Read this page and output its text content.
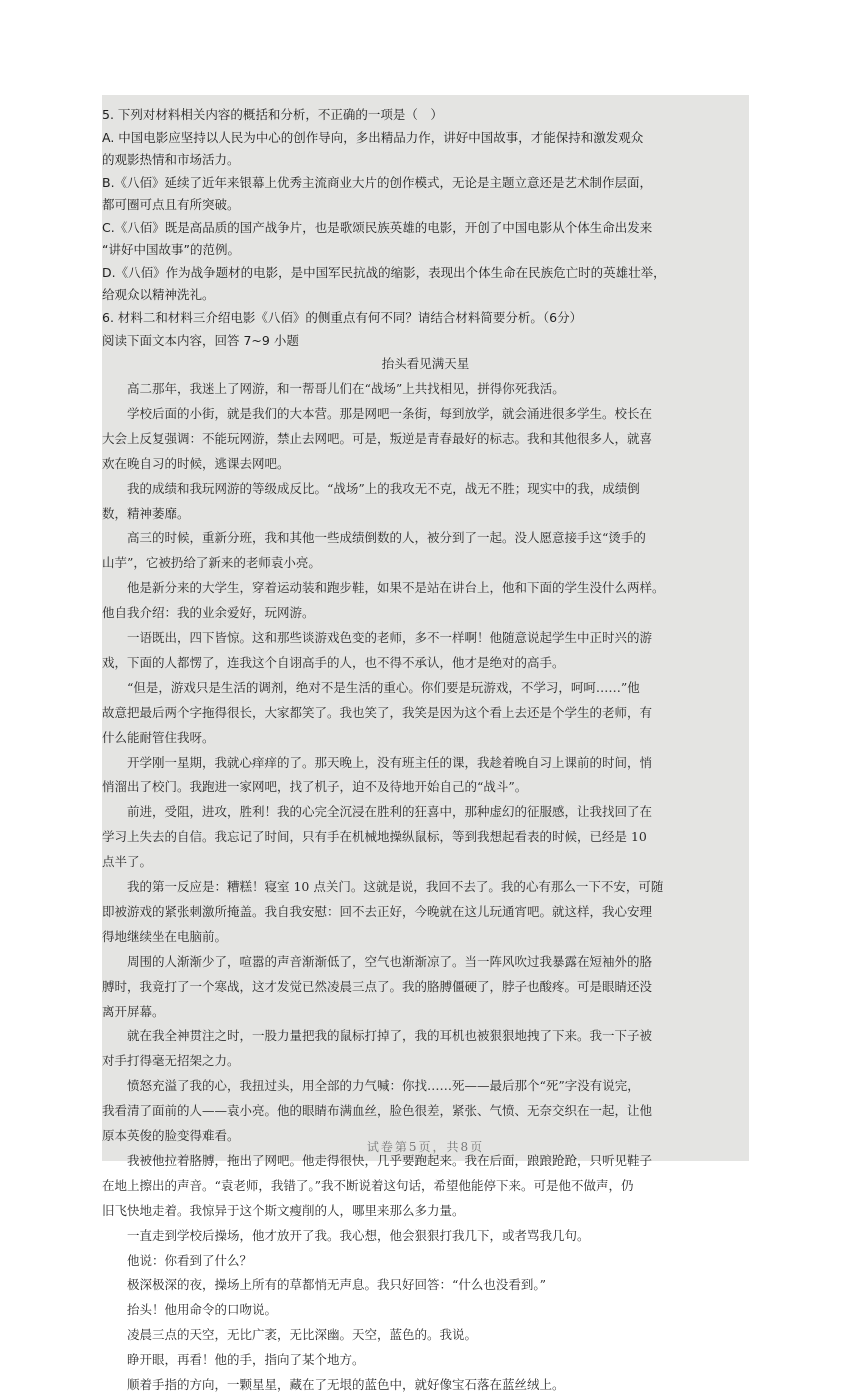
5. 下列对材料相关内容的概括和分析，不正确的一项是（　）

A. 中国电影应坚持以人民为中心的创作导向，多出精品力作，讲好中国故事，才能保持和激发观众

的观影热情和市场活力。

B.《八佰》延续了近年来银幕上优秀主流商业大片的创作模式，无论是主题立意还是艺术制作层面，

都可圈可点且有所突破。

C.《八佰》既是高品质的国产战争片，也是歌颂民族英雄的电影，开创了中国电影从个体生命出发来

“讲好中国故事”的范例。

D.《八佰》作为战争题材的电影，是中国军民抗战的缩影，表现出个体生命在民族危亡时的英雄壮举，

给观众以精神洗礼。

6. 材料二和材料三介绍电影《八佰》的侧重点有何不同？请结合材料简要分析。（6分）

阅读下面文本内容，回答 7~9 小题

抬头看见满天星

　　高二那年，我迷上了网游，和一帮哥儿们在“战场”上共找相见，拼得你死我活。

　　学校后面的小街，就是我们的大本营。那是网吧一条街，每到放学，就会涌进很多学生。校长在

大会上反复强调：不能玩网游，禁止去网吧。可是，叛逆是青春最好的标志。我和其他很多人，就喜

欢在晚自习的时候，逃课去网吧。

　　我的成绩和我玩网游的等级成反比。“战场”上的我攻无不克，战无不胜；现实中的我，成绩倒

数，精神萎靡。

　　高三的时候，重新分班，我和其他一些成绩倒数的人，被分到了一起。没人愿意接手这“烫手的

山芋”，它被扔给了新来的老师袁小亮。

　　他是新分来的大学生，穿着运动装和跑步鞋，如果不是站在讲台上，他和下面的学生没什么两样。

他自我介绍：我的业余爱好，玩网游。

　　一语既出，四下皆惊。这和那些谈游戏色变的老师，多不一样啊！他随意说起学生中正时兴的游

戏，下面的人都愣了，连我这个自诩高手的人，也不得不承认，他才是绝对的高手。

　　“但是，游戏只是生活的调剂，绝对不是生活的重心。你们要是玩游戏，不学习，呵呵……”他

故意把最后两个字拖得很长，大家都笑了。我也笑了，我笑是因为这个看上去还是个学生的老师，有

什么能耐管住我呀。

　　开学刚一星期，我就心痒痒的了。那天晚上，没有班主任的课，我趁着晚自习上课前的时间，悄

悄溜出了校门。我跑进一家网吧，找了机子，迫不及待地开始自己的“战斗”。

　　前进，受阻，进攻，胜利！我的心完全沉浸在胜利的狂喜中，那种虚幻的征服感，让我找回了在

学习上失去的自信。我忘记了时间，只有手在机械地操纵鼠标，等到我想起看表的时候，已经是 10

点半了。

　　我的第一反应是：糟糕！寝室 10 点关门。这就是说，我回不去了。我的心有那么一下不安，可随

即被游戏的紧张刺激所掩盖。我自我安慰：回不去正好，今晚就在这儿玩通宵吧。就这样，我心安理

得地继续坐在电脑前。

　　周围的人渐渐少了，喧嚣的声音渐渐低了，空气也渐渐凉了。当一阵风吹过我暴露在短袖外的胳

膊时，我竟打了一个寒战，这才发觉已然凌晨三点了。我的胳膊僵硬了，脖子也酸疼。可是眼睛还没

离开屏幕。

　　就在我全神贯注之时，一股力量把我的鼠标打掉了，我的耳机也被狠狠地拽了下来。我一下子被

对手打得毫无招架之力。

　　愤怒充溢了我的心，我扭过头，用全部的力气喊：你找……死——最后那个“死”字没有说完，

我看清了面前的人——袁小亮。他的眼睛布满血丝，脸色很差，紧张、气愤、无奈交织在一起，让他

原本英俊的脸变得难看。

　　我被他拉着胳膊，拖出了网吧。他走得很快，几乎要跑起来。我在后面，踉踉跄跄，只听见鞋子

在地上擦出的声音。“袁老师，我错了。”我不断说着这句话，希望他能停下来。可是他不做声，仍

旧飞快地走着。我惊异于这个斯文瘦削的人，哪里来那么多力量。

　　一直走到学校后操场，他才放开了我。我心想，他会狠狠打我几下，或者骂我几句。

　　他说：你看到了什么？

　　极深极深的夜，操场上所有的草都悄无声息。我只好回答：“什么也没看到。”

　　抬头！他用命令的口吻说。

　　凌晨三点的天空，无比广袤，无比深幽。天空，蓝色的。我说。

　　睁开眼，再看！他的手，指向了某个地方。

　　顺着手指的方向，一颗星星，藏在了无垠的蓝色中，就好像宝石落在蓝丝绒上。

试卷第5页，共8页
